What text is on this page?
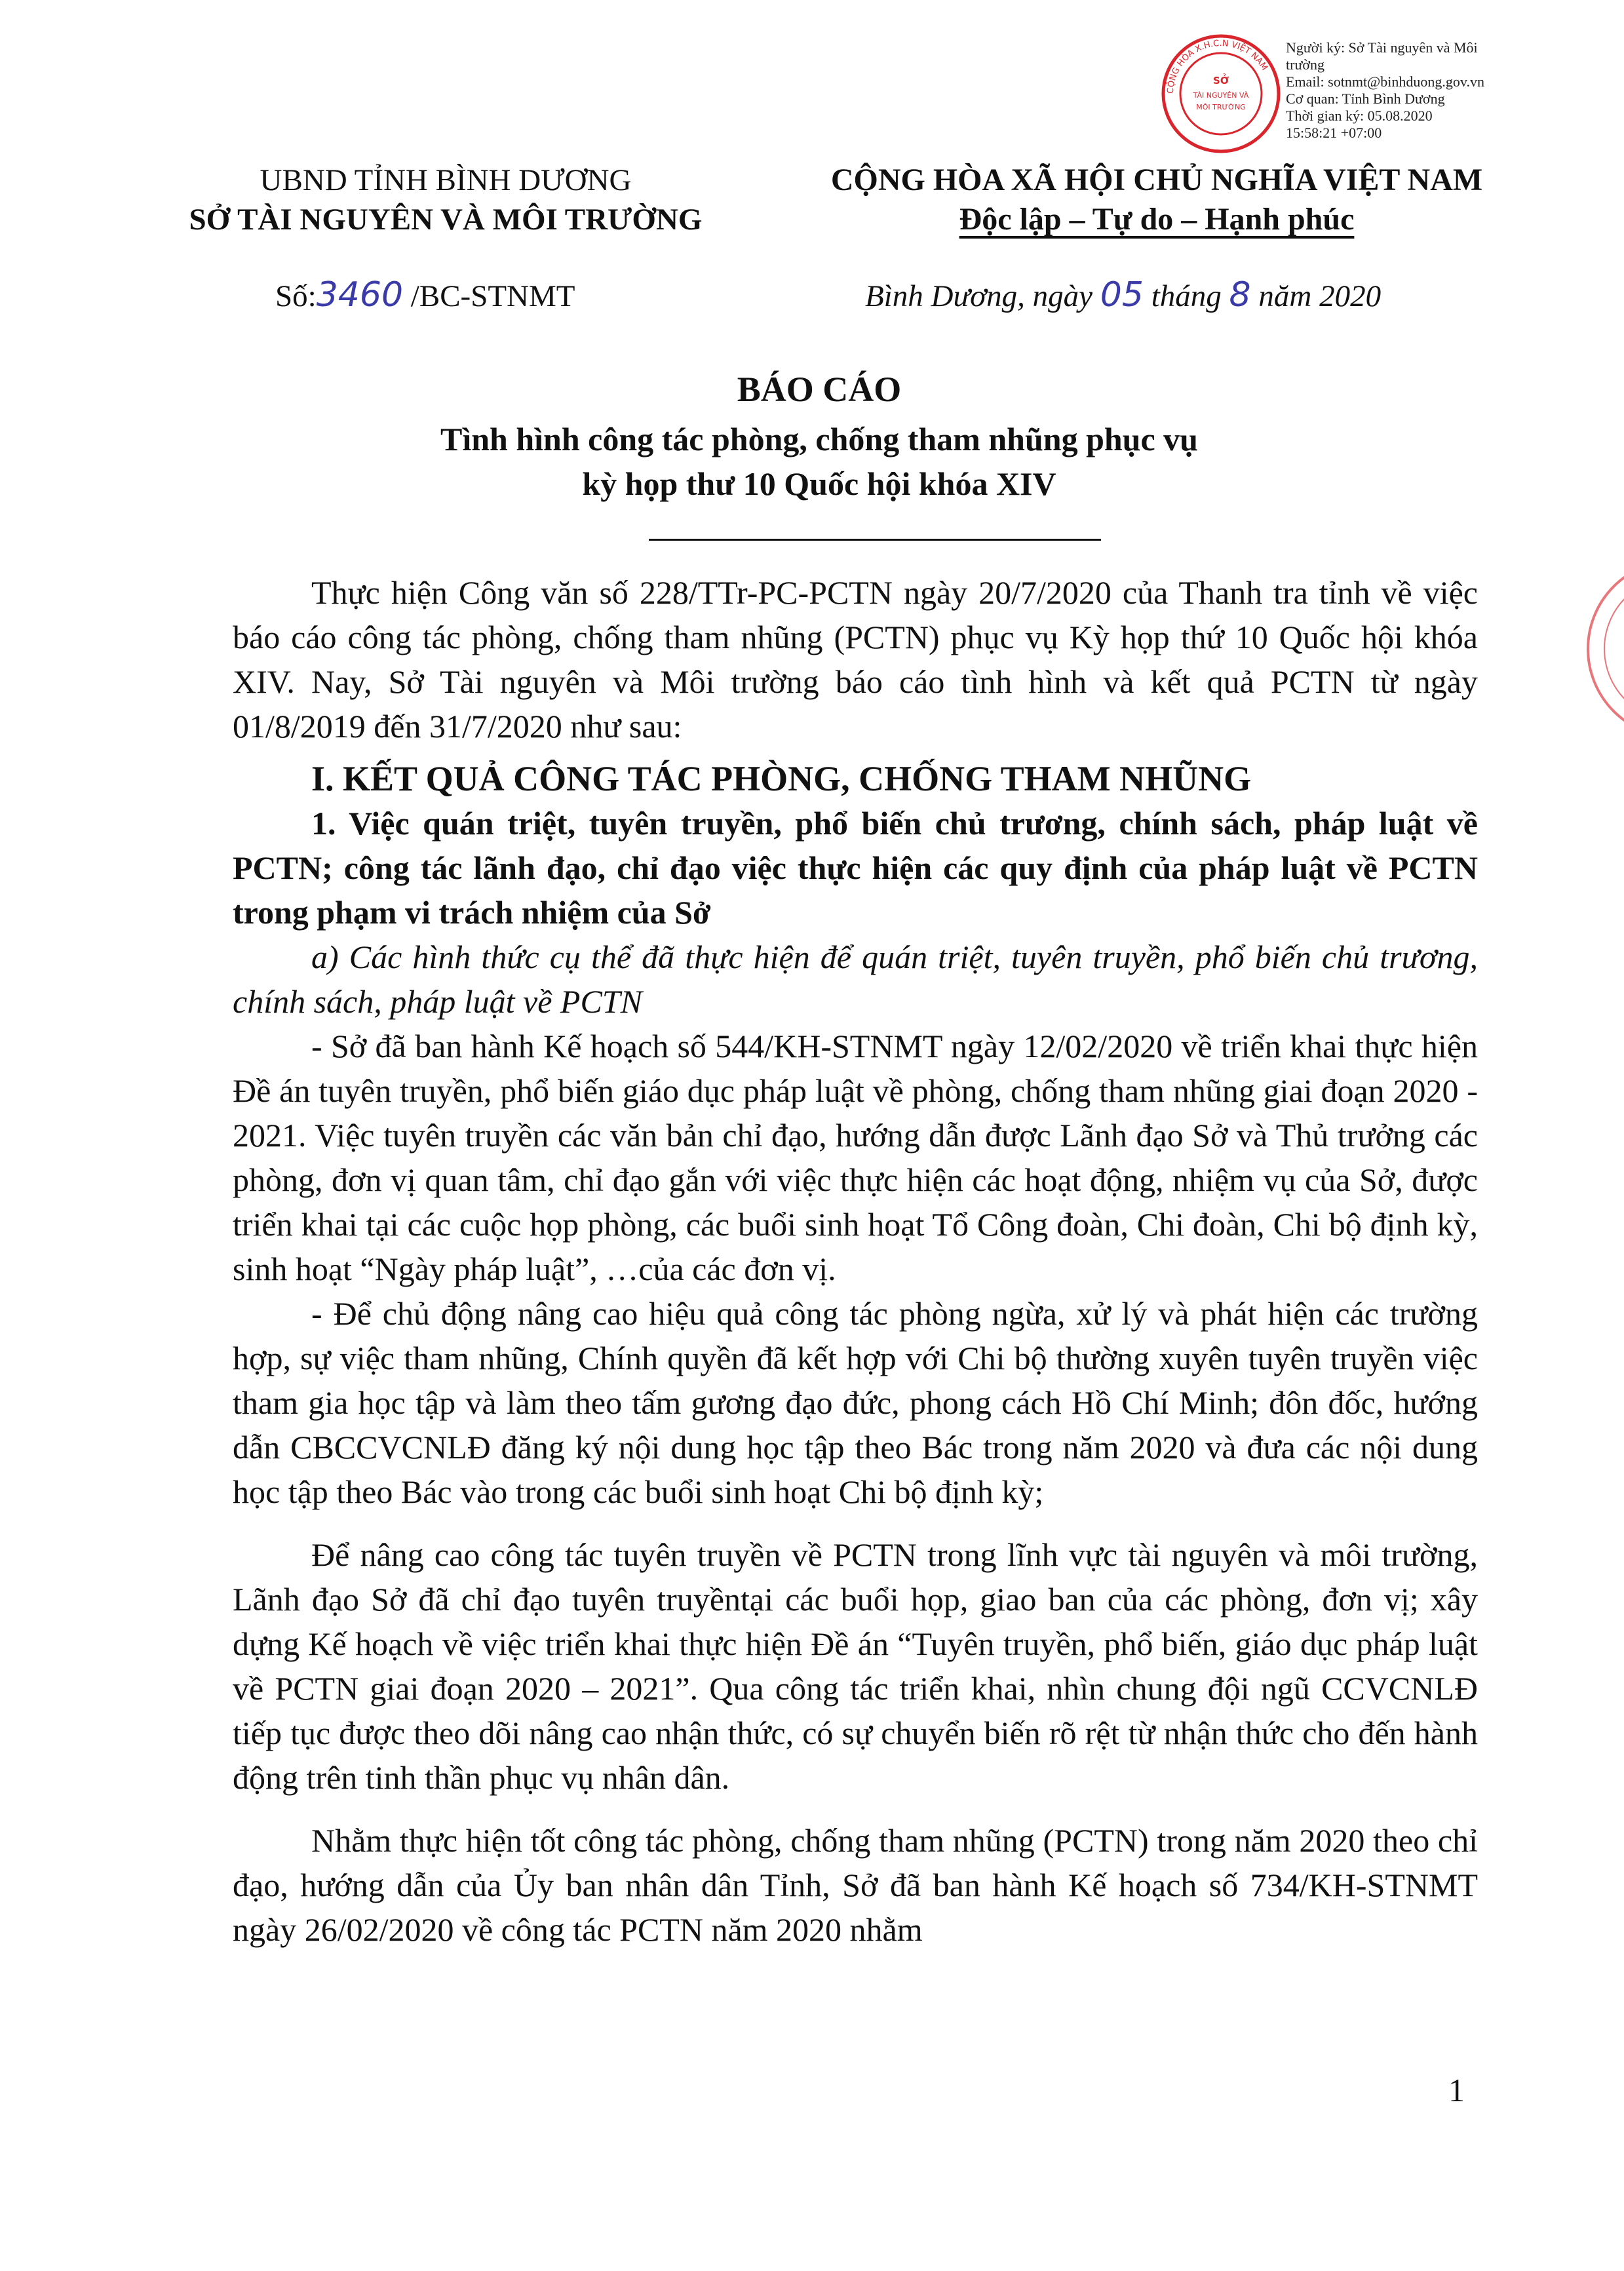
CỘNG HÒA X.H.C.N VIỆT NAM
SỞ
TÀI NGUYÊN VÀ
MÔI TRƯỜNG
Người ký: Sở Tài nguyên và Môi trường
Email: sotnmt@binhduong.gov.vn
Cơ quan: Tỉnh Bình Dương
Thời gian ký: 05.08.2020 15:58:21 +07:00
UBND TỈNH BÌNH DƯƠNG
SỞ TÀI NGUYÊN VÀ MÔI TRƯỜNG
CỘNG HÒA XÃ HỘI CHỦ NGHĨA VIỆT NAM
Độc lập – Tự do – Hạnh phúc
Số:3460 /BC-STNMT	Bình Dương, ngày 05 tháng 8 năm 2020
BÁO CÁO
Tình hình công tác phòng, chống tham nhũng phục vụ
kỳ họp thư 10 Quốc hội khóa XIV

Thực hiện Công văn số 228/TTr-PC-PCTN ngày 20/7/2020 của Thanh tra tỉnh về việc báo cáo công tác phòng, chống tham nhũng (PCTN) phục vụ Kỳ họp thứ 10 Quốc hội khóa XIV. Nay, Sở Tài nguyên và Môi trường báo cáo tình hình và kết quả PCTN từ ngày 01/8/2019 đến 31/7/2020 như sau:

I. KẾT QUẢ CÔNG TÁC PHÒNG, CHỐNG THAM NHŨNG

1. Việc quán triệt, tuyên truyền, phổ biến chủ trương, chính sách, pháp luật về PCTN; công tác lãnh đạo, chỉ đạo việc thực hiện các quy định của pháp luật về PCTN trong phạm vi trách nhiệm của Sở

a) Các hình thức cụ thể đã thực hiện để quán triệt, tuyên truyền, phổ biến chủ trương, chính sách, pháp luật về PCTN

- Sở đã ban hành Kế hoạch số 544/KH-STNMT ngày 12/02/2020 về triển khai thực hiện Đề án tuyên truyền, phổ biến giáo dục pháp luật về phòng, chống tham nhũng giai đoạn 2020 - 2021. Việc tuyên truyền các văn bản chỉ đạo, hướng dẫn được Lãnh đạo Sở và Thủ trưởng các phòng, đơn vị quan tâm, chỉ đạo gắn với việc thực hiện các hoạt động, nhiệm vụ của Sở, được triển khai tại các cuộc họp phòng, các buổi sinh hoạt Tổ Công đoàn, Chi đoàn, Chi bộ định kỳ, sinh hoạt “Ngày pháp luật”, …của các đơn vị.

- Để chủ động nâng cao hiệu quả công tác phòng ngừa, xử lý và phát hiện các trường hợp, sự việc tham nhũng, Chính quyền đã kết hợp với Chi bộ thường xuyên tuyên truyền việc tham gia học tập và làm theo tấm gương đạo đức, phong cách Hồ Chí Minh; đôn đốc, hướng dẫn CBCCVCNLĐ đăng ký nội dung học tập theo Bác trong năm 2020 và đưa các nội dung học tập theo Bác vào trong các buổi sinh hoạt Chi bộ định kỳ;

Để nâng cao công tác tuyên truyền về PCTN trong lĩnh vực tài nguyên và môi trường, Lãnh đạo Sở đã chỉ đạo tuyên truyềntại các buổi họp, giao ban của các phòng, đơn vị; xây dựng Kế hoạch về việc triển khai thực hiện Đề án “Tuyên truyền, phổ biến, giáo dục pháp luật về PCTN giai đoạn 2020 – 2021”. Qua công tác triển khai, nhìn chung đội ngũ CCVCNLĐ tiếp tục được theo dõi nâng cao nhận thức, có sự chuyển biến rõ rệt từ nhận thức cho đến hành động trên tinh thần phục vụ nhân dân.

Nhằm thực hiện tốt công tác phòng, chống tham nhũng (PCTN) trong năm 2020 theo chỉ đạo, hướng dẫn của Ủy ban nhân dân Tỉnh, Sở đã ban hành Kế hoạch số 734/KH-STNMT ngày 26/02/2020 về công tác PCTN năm 2020 nhằm

1
